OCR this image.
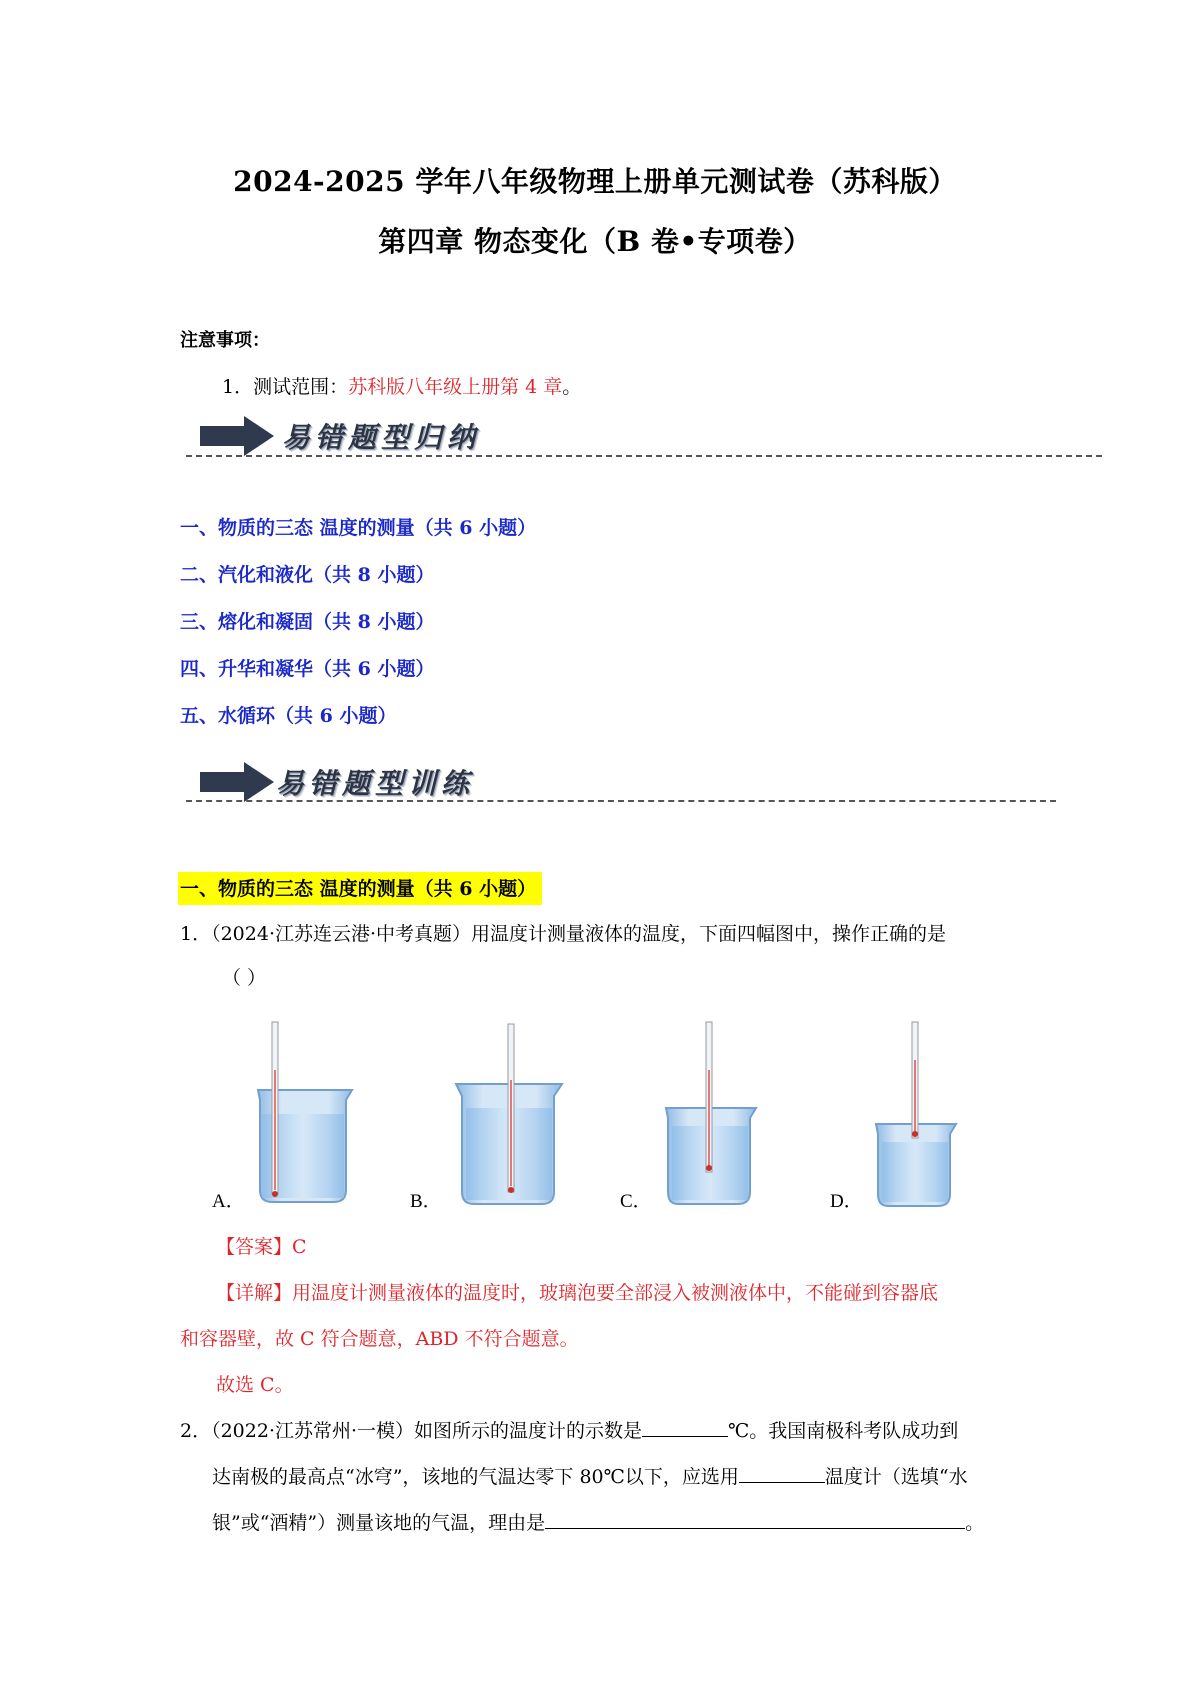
2024-2025 学年八年级物理上册单元测试卷（苏科版）
第四章 物态变化（B 卷•专项卷）
注意事项：
1．测试范围：苏科版八年级上册第 4 章。
易错题型归纳
一、物质的三态 温度的测量（共 6 小题）
二、汽化和液化（共 8 小题）
三、熔化和凝固（共 8 小题）
四、升华和凝华（共 6 小题）
五、水循环（共 6 小题）
易错题型训练
一、物质的三态 温度的测量（共 6 小题）
1．（2024·江苏连云港·中考真题）用温度计测量液体的温度，下面四幅图中，操作正确的是
（ ）
A．	B．	C．	D．
【答案】C
【详解】用温度计测量液体的温度时，玻璃泡要全部浸入被测液体中，不能碰到容器底
和容器壁，故 C 符合题意，ABD 不符合题意。
故选 C。
2．（2022·江苏常州·一模）如图所示的温度计的示数是	℃。我国南极科考队成功到
达南极的最高点“冰穹”，该地的气温达零下 80℃以下，应选用	温度计（选填“水
银”或“酒精”）测量该地的气温，理由是	。
